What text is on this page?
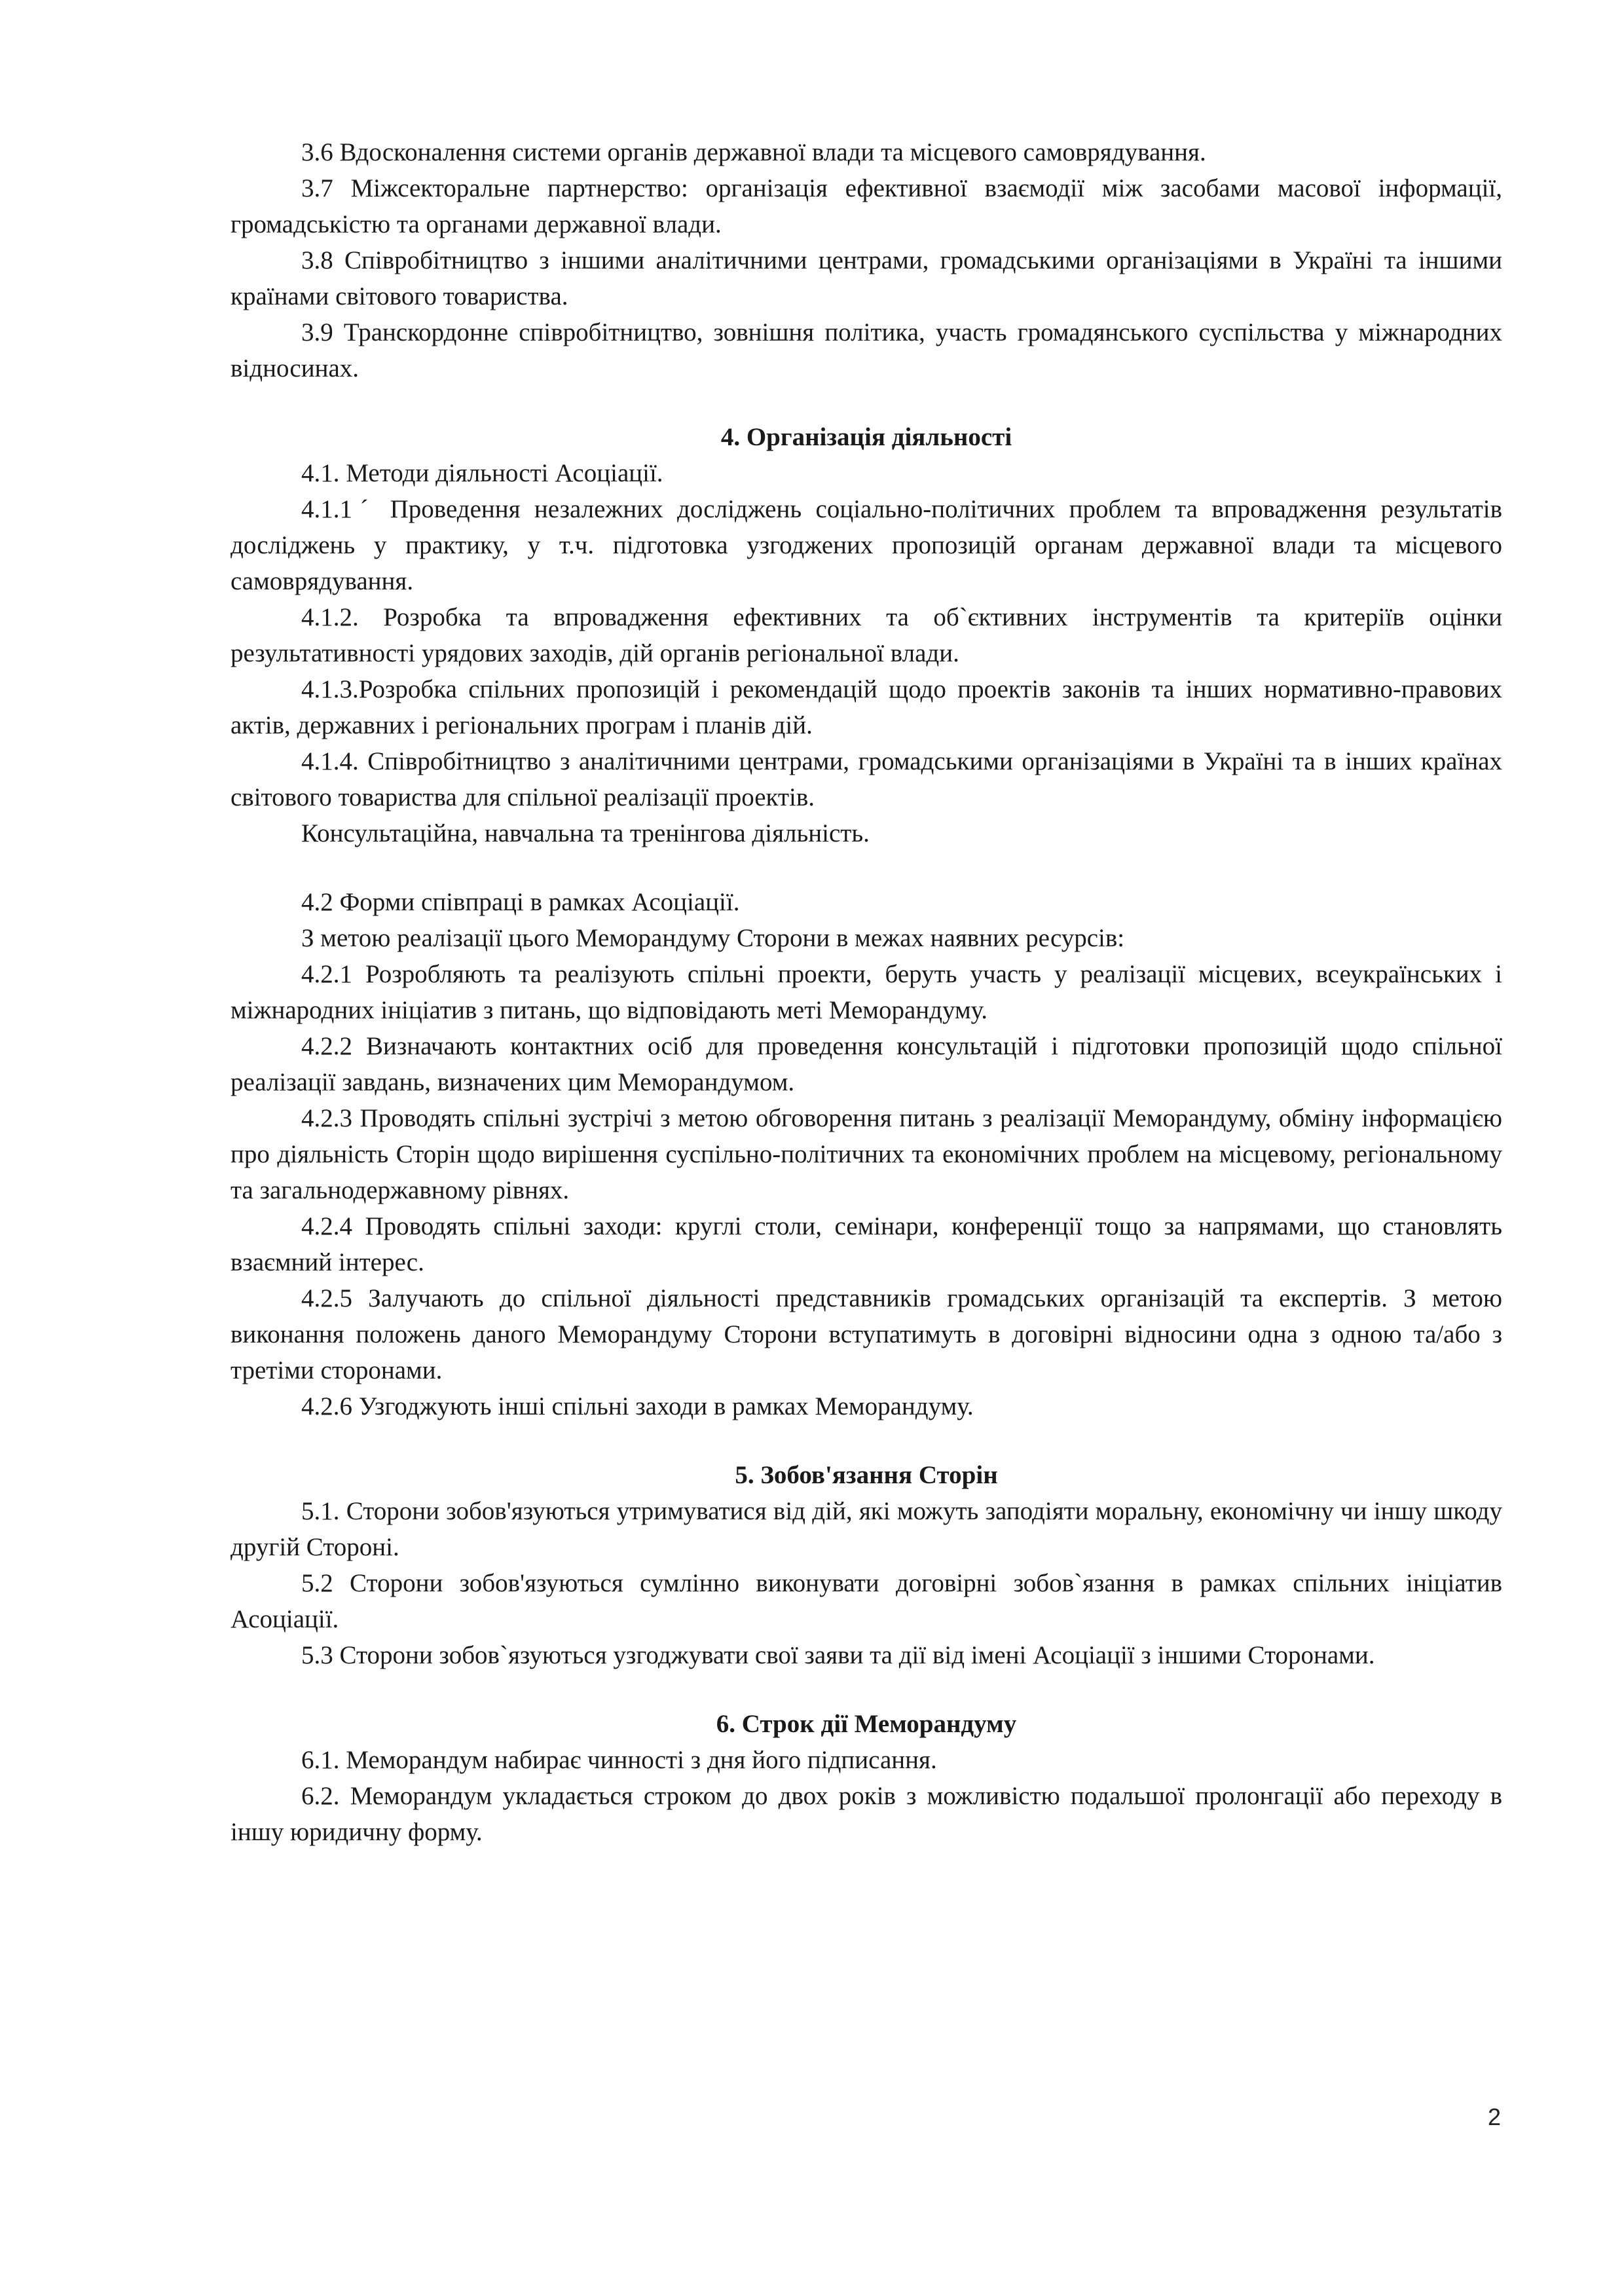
3.6 Вдосконалення системи органів державної влади та місцевого самоврядування.

3.7 Міжсекторальне партнерство: організація ефективної взаємодії між засобами масової інформації, громадськістю та органами державної влади.

3.8 Співробітництво з іншими аналітичними центрами, громадськими організаціями в Україні та іншими країнами світового товариства.

3.9 Транскордонне співробітництво, зовнішня політика, участь громадянського суспільства у міжнародних відносинах.

4. Організація діяльності

4.1. Методи діяльності Асоціації.

4.1.1ˊ Проведення незалежних досліджень соціально-політичних проблем та впровадження результатів досліджень у практику, у т.ч. підготовка узгоджених пропозицій органам державної влади та місцевого самоврядування.

4.1.2. Розробка та впровадження ефективних та об`єктивних інструментів та критеріїв оцінки результативності урядових заходів, дій органів регіональної влади.

4.1.3.Розробка спільних пропозицій і рекомендацій щодо проектів законів та інших нормативно-правових актів, державних і регіональних програм і планів дій.

4.1.4. Співробітництво з аналітичними центрами, громадськими організаціями в Україні та в інших країнах світового товариства для спільної реалізації проектів.

Консультаційна, навчальна та тренінгова діяльність.

4.2 Форми співпраці в рамках Асоціації.

З метою реалізації цього Меморандуму Сторони в межах наявних ресурсів:

4.2.1 Розробляють та реалізують спільні проекти, беруть участь у реалізації місцевих, всеукраїнських і міжнародних ініціатив з питань, що відповідають меті Меморандуму.

4.2.2 Визначають контактних осіб для проведення консультацій і підготовки пропозицій щодо спільної реалізації завдань, визначених цим Меморандумом.

4.2.3 Проводять спільні зустрічі з метою обговорення питань з реалізації Меморандуму, обміну інформацією про діяльність Сторін щодо вирішення суспільно-політичних та економічних проблем на місцевому, регіональному та загальнодержавному рівнях.

4.2.4 Проводять спільні заходи: круглі столи, семінари, конференції тощо за напрямами, що становлять взаємний інтерес.

4.2.5 Залучають до спільної діяльності представників громадських організацій та експертів. З метою виконання положень даного Меморандуму Сторони вступатимуть в договірні відносини одна з одною та/або з третіми сторонами.

4.2.6 Узгоджують інші спільні заходи в рамках Меморандуму.

5. Зобов'язання Сторін

5.1. Сторони зобов'язуються утримуватися від дій, які можуть заподіяти моральну, економічну чи іншу шкоду другій Стороні.

5.2 Сторони зобов'язуються сумлінно виконувати договірні зобов`язання в рамках спільних ініціатив Асоціації.

5.3 Сторони зобов`язуються узгоджувати свої заяви та дії від імені Асоціації з іншими Сторонами.

6. Строк дії Меморандуму

6.1. Меморандум набирає чинності з дня його підписання.

6.2. Меморандум укладається строком до двох років з можливістю подальшої пролонгації або переходу в іншу юридичну форму.

2
